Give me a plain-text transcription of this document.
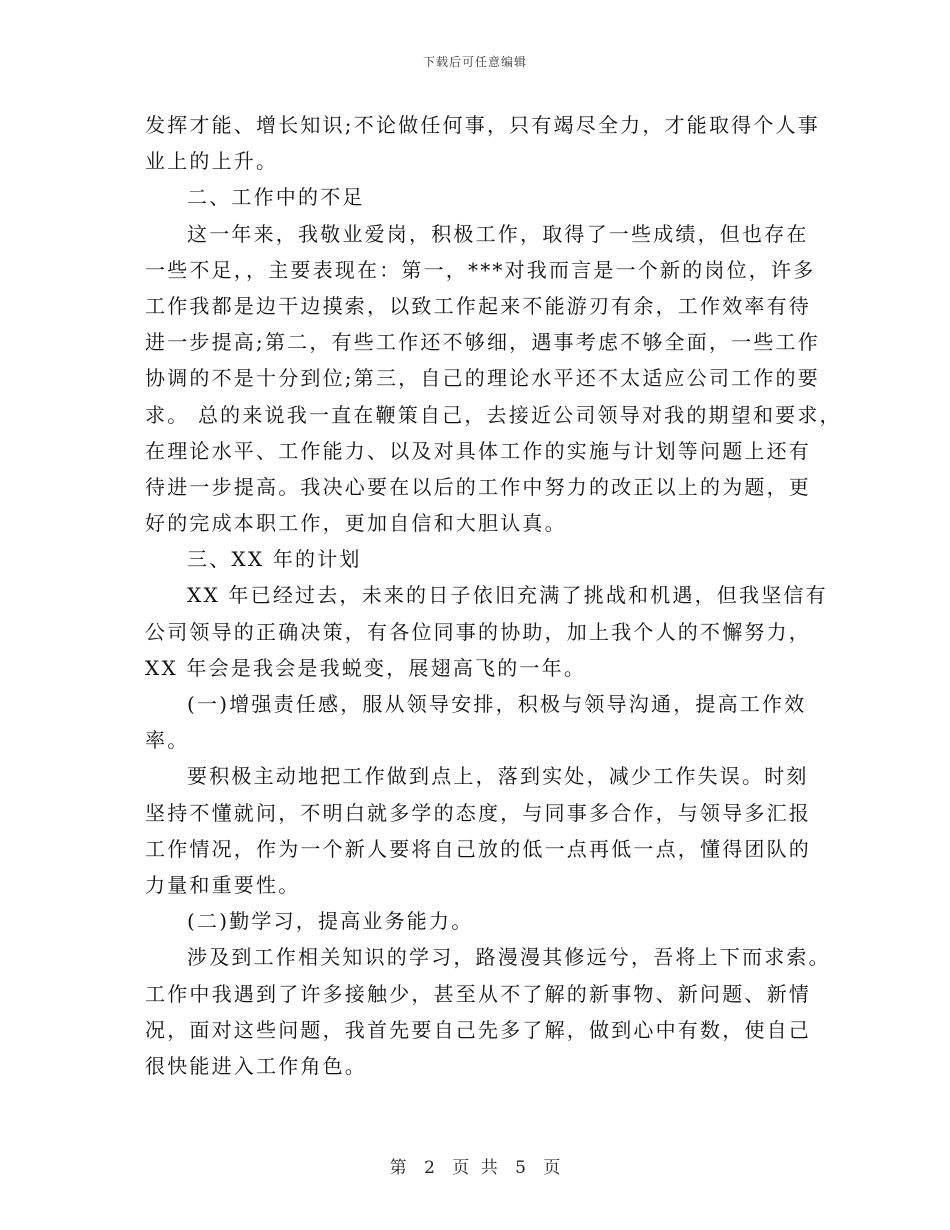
下载后可任意编辑
发挥才能、增长知识;不论做任何事，只有竭尽全力，才能取得个人事
业上的上升。
二、工作中的不足
这一年来，我敬业爱岗，积极工作，取得了一些成绩，但也存在
一些不足，，主要表现在：第一，***对我而言是一个新的岗位，许多
工作我都是边干边摸索，以致工作起来不能游刃有余，工作效率有待
进一步提高;第二，有些工作还不够细，遇事考虑不够全面，一些工作
协调的不是十分到位;第三，自己的理论水平还不太适应公司工作的要
求。 总的来说我一直在鞭策自己，去接近公司领导对我的期望和要求，
在理论水平、工作能力、以及对具体工作的实施与计划等问题上还有
待进一步提高。我决心要在以后的工作中努力的改正以上的为题，更
好的完成本职工作，更加自信和大胆认真。
三、XX 年的计划
XX 年已经过去，未来的日子依旧充满了挑战和机遇，但我坚信有
公司领导的正确决策，有各位同事的协助，加上我个人的不懈努力，
XX 年会是我会是我蜕变，展翅高飞的一年。
(一)增强责任感，服从领导安排，积极与领导沟通，提高工作效
率。
要积极主动地把工作做到点上，落到实处，减少工作失误。时刻
坚持不懂就问，不明白就多学的态度，与同事多合作，与领导多汇报
工作情况，作为一个新人要将自己放的低一点再低一点，懂得团队的
力量和重要性。
(二)勤学习，提高业务能力。
涉及到工作相关知识的学习，路漫漫其修远兮，吾将上下而求索。
工作中我遇到了许多接触少，甚至从不了解的新事物、新问题、新情
况，面对这些问题，我首先要自己先多了解，做到心中有数，使自己
很快能进入工作角色。
第 2 页 共 5 页
